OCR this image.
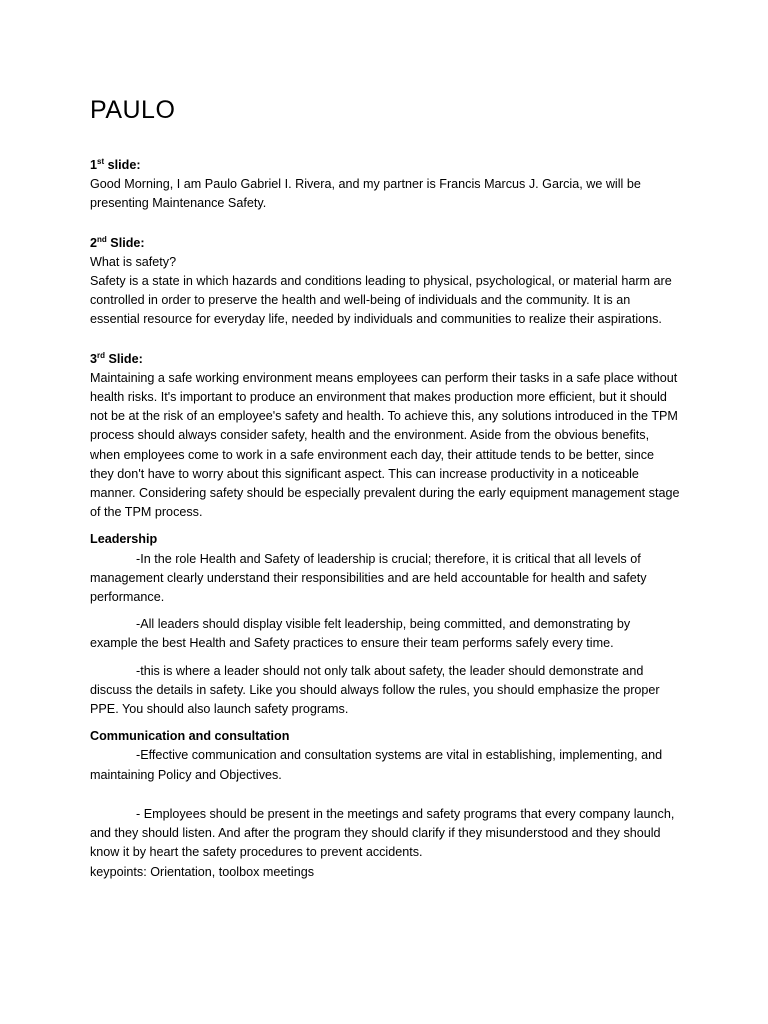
PAULO

1st slide:

Good Morning, I am Paulo Gabriel I. Rivera, and my partner is Francis Marcus J. Garcia, we will be presenting Maintenance Safety.

2nd Slide:

What is safety?

Safety is a state in which hazards and conditions leading to physical, psychological, or material harm are controlled in order to preserve the health and well-being of individuals and the community. It is an essential resource for everyday life, needed by individuals and communities to realize their aspirations.

3rd Slide:

Maintaining a safe working environment means employees can perform their tasks in a safe place without health risks. It's important to produce an environment that makes production more efficient, but it should not be at the risk of an employee's safety and health. To achieve this, any solutions introduced in the TPM process should always consider safety, health and the environment. Aside from the obvious benefits, when employees come to work in a safe environment each day, their attitude tends to be better, since they don't have to worry about this significant aspect. This can increase productivity in a noticeable manner. Considering safety should be especially prevalent during the early equipment management stage of the TPM process.

Leadership

-In the role Health and Safety of leadership is crucial; therefore, it is critical that all levels of management clearly understand their responsibilities and are held accountable for health and safety performance.

-All leaders should display visible felt leadership, being committed, and demonstrating by example the best Health and Safety practices to ensure their team performs safely every time.

-this is where a leader should not only talk about safety, the leader should demonstrate and discuss the details in safety. Like you should always follow the rules, you should emphasize the proper PPE. You should also launch safety programs.

Communication and consultation

-Effective communication and consultation systems are vital in establishing, implementing, and maintaining Policy and Objectives.

- Employees should be present in the meetings and safety programs that every company launch, and they should listen. And after the program they should clarify if they misunderstood and they should know it by heart the safety procedures to prevent accidents.

keypoints: Orientation, toolbox meetings
